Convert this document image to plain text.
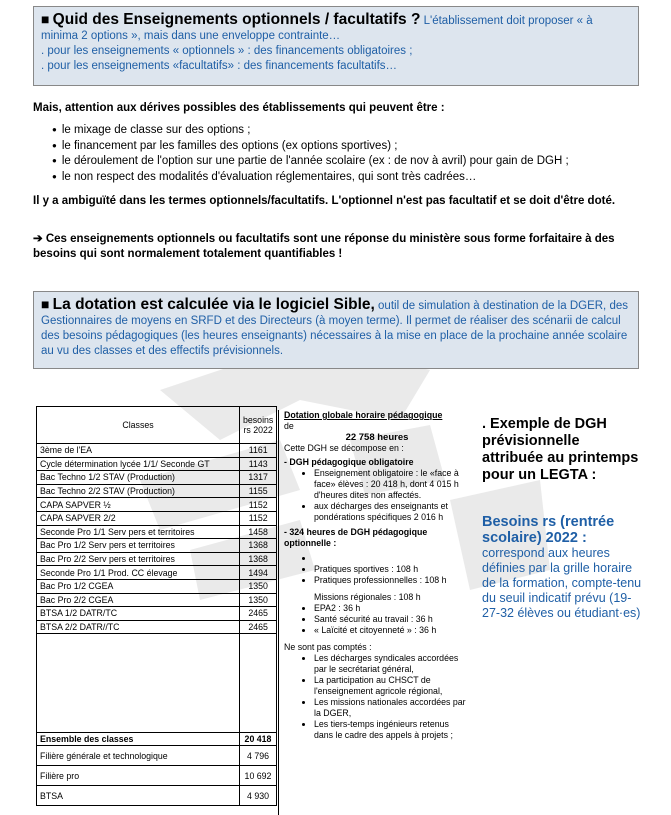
■ Quid des Enseignements optionnels / facultatifs ? L'établissement doit proposer « à minima 2 options », mais dans une enveloppe contrainte…
. pour les enseignements « optionnels » : des financements obligatoires ;
. pour les enseignements «facultatifs» : des financements facultatifs…
Mais, attention aux dérives possibles des établissements qui peuvent être :
● le mixage de classe sur des options ;
● le financement par les familles des options (ex options sportives) ;
● le déroulement de l'option sur une partie de l'année scolaire (ex : de nov à avril) pour gain de DGH ;
● le non respect des modalités d'évaluation réglementaires, qui sont très cadrées…
Il y a ambiguïté dans les termes optionnels/facultatifs. L'optionnel n'est pas facultatif et se doit d'être doté.
➔ Ces enseignements optionnels ou facultatifs sont une réponse du ministère sous forme forfaitaire à des besoins qui sont normalement totalement quantifiables !
■ La dotation est calculée via le logiciel Sible, outil de simulation à destination de la DGER, des Gestionnaires de moyens en SRFD et des Directeurs (à moyen terme). Il permet de réaliser des scénarii de calcul des besoins pédagogiques (les heures enseignants) nécessaires à la mise en place de la prochaine année scolaire au vu des classes et des effectifs prévisionnels.
Classes	besoins rs 2022
3ème de l'EA	1161
Cycle détermination lycée 1/1/ Seconde GT	1143
Bac Techno 1/2 STAV (Production)	1317
Bac Techno 2/2 STAV (Production)	1155
CAPA SAPVER ½	1152
CAPA SAPVER 2/2	1152
Seconde Pro 1/1 Serv pers et territoires	1458
Bac Pro 1/2 Serv pers et territoires	1368
Bac Pro 2/2 Serv pers et territoires	1368
Seconde Pro 1/1 Prod. CC élevage	1494
Bac Pro 1/2 CGEA	1350
Bac Pro 2/2 CGEA	1350
BTSA 1/2 DATR/TC	2465
BTSA 2/2 DATR//TC	2465

Ensemble des classes	20 418
Filière générale et technologique	4 796
Filière pro	10 692
BTSA	4 930

Dotation globale horaire pédagogique

de

22 758 heures

Cette DGH se décompose en :

- DGH pédagogique obligatoire

• Enseignement obligatoire : le «face à face» élèves : 20 418 h, dont 4 015 h d'heures dites non affectés.
• aux décharges des enseignants et pondérations spécifiques 2 016 h

- 324 heures de DGH pédagogique optionnelle :

•
• Pratiques sportives : 108 h
• Pratiques professionnelles : 108 h

Missions régionales : 108 h

• EPA2 : 36 h
• Santé sécurité au travail : 36 h
• « Laïcité et citoyenneté » : 36 h

Ne sont pas comptés :

• Les décharges syndicales accordées par le secrétariat général,
• La participation au CHSCT de l'enseignement agricole régional,
• Les missions nationales accordées par la DGER,
• Les tiers-temps ingénieurs retenus dans le cadre des appels à projets ;
. Exemple de DGH prévisionnelle attribuée au printemps pour un LEGTA :
Besoins rs (rentrée scolaire) 2022 :
correspond aux heures définies par la grille horaire de la formation, compte-tenu du seuil indicatif prévu (19-27-32 élèves ou étudiant·es)
